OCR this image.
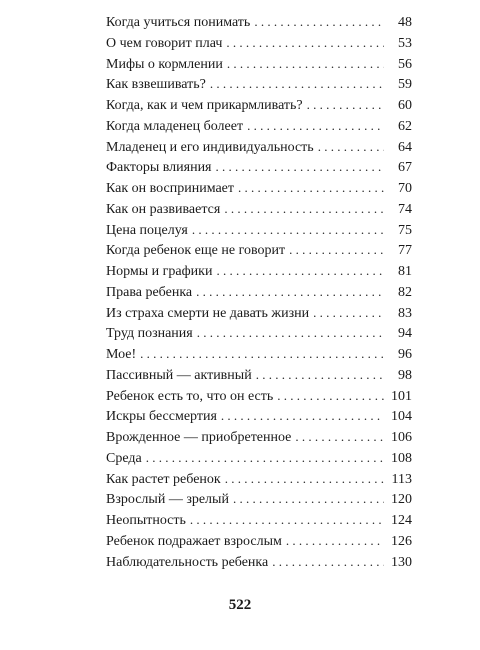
Когда учиться понимать . . .	48
О чем говорит плач . . .	53
Мифы о кормлении . . .	56
Как взвешивать? . . .	59
Когда, как и чем прикармливать? . . .	60
Когда младенец болеет . . .	62
Младенец и его индивидуальность . . .	64
Факторы влияния . . .	67
Как он воспринимает . . .	70
Как он развивается . . .	74
Цена поцелуя . . .	75
Когда ребенок еще не говорит . . .	77
Нормы и графики . . .	81
Права ребенка . . .	82
Из страха смерти не давать жизни . . .	83
Труд познания . . .	94
Мое! . . .	96
Пассивный — активный . . .	98
Ребенок есть то, что он есть . . .	101
Искры бессмертия . . .	104
Врожденное — приобретенное . . .	106
Среда . . .	108
Как растет ребенок . . .	113
Взрослый — зрелый . . .	120
Неопытность . . .	124
Ребенок подражает взрослым . . .	126
Наблюдательность ребенка . . .	130
522
